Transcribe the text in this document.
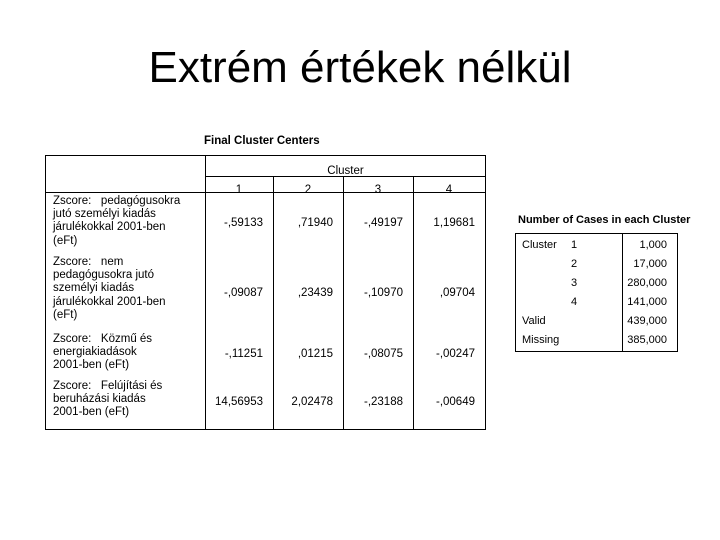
Extrém értékek nélkül
Final Cluster Centers
Cluster
1	2	3	4
Zscore:   pedagógusokra
jutó személyi kiadás
járulékokkal 2001-ben
(eFt)
-,59133	,71940	-,49197	1,19681
Zscore:   nem
pedagógusokra jutó
személyi kiadás
járulékokkal 2001-ben
(eFt)
-,09087	,23439	-,10970	,09704
Zscore:   Közmű és
energiakiadások
2001-ben (eFt)
-,11251	,01215	-,08075	-,00247
Zscore:   Felújítási és
beruházási kiadás
2001-ben (eFt)
14,56953	2,02478	-,23188	-,00649
Number of Cases in each Cluster
Cluster 1	1,000
2	17,000
3	280,000
4	141,000
Valid	439,000
Missing	385,000
